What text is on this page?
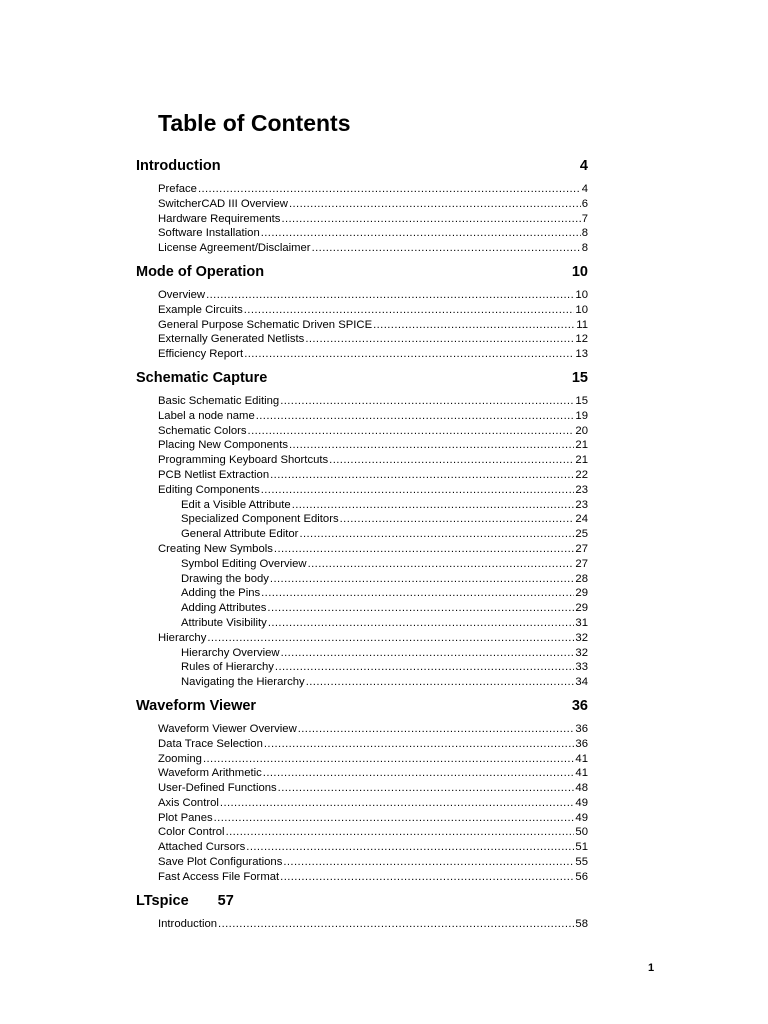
Table of Contents
Introduction	4
Preface .....	4
SwitcherCAD III Overview .....	6
Hardware Requirements .....	7
Software Installation .....	8
License Agreement/Disclaimer .....	8
Mode of Operation	10
Overview .....	10
Example Circuits .....	10
General Purpose Schematic Driven SPICE .....	11
Externally Generated Netlists .....	12
Efficiency Report .....	13
Schematic Capture	15
Basic Schematic Editing .....	15
Label a node name .....	19
Schematic Colors .....	20
Placing New Components .....	21
Programming Keyboard Shortcuts .....	21
PCB Netlist Extraction .....	22
Editing Components .....	23
Edit a Visible Attribute .....	23
Specialized Component Editors .....	24
General Attribute Editor .....	25
Creating New Symbols .....	27
Symbol Editing Overview .....	27
Drawing the body .....	28
Adding the Pins .....	29
Adding Attributes .....	29
Attribute Visibility .....	31
Hierarchy .....	32
Hierarchy Overview .....	32
Rules of Hierarchy .....	33
Navigating the Hierarchy .....	34
Waveform Viewer	36
Waveform Viewer Overview .....	36
Data Trace Selection .....	36
Zooming .....	41
Waveform Arithmetic .....	41
User-Defined Functions .....	48
Axis Control .....	49
Plot Panes .....	49
Color Control .....	50
Attached Cursors .....	51
Save Plot Configurations .....	55
Fast Access File Format .....	56
LTspice 57
Introduction .....	58
1
